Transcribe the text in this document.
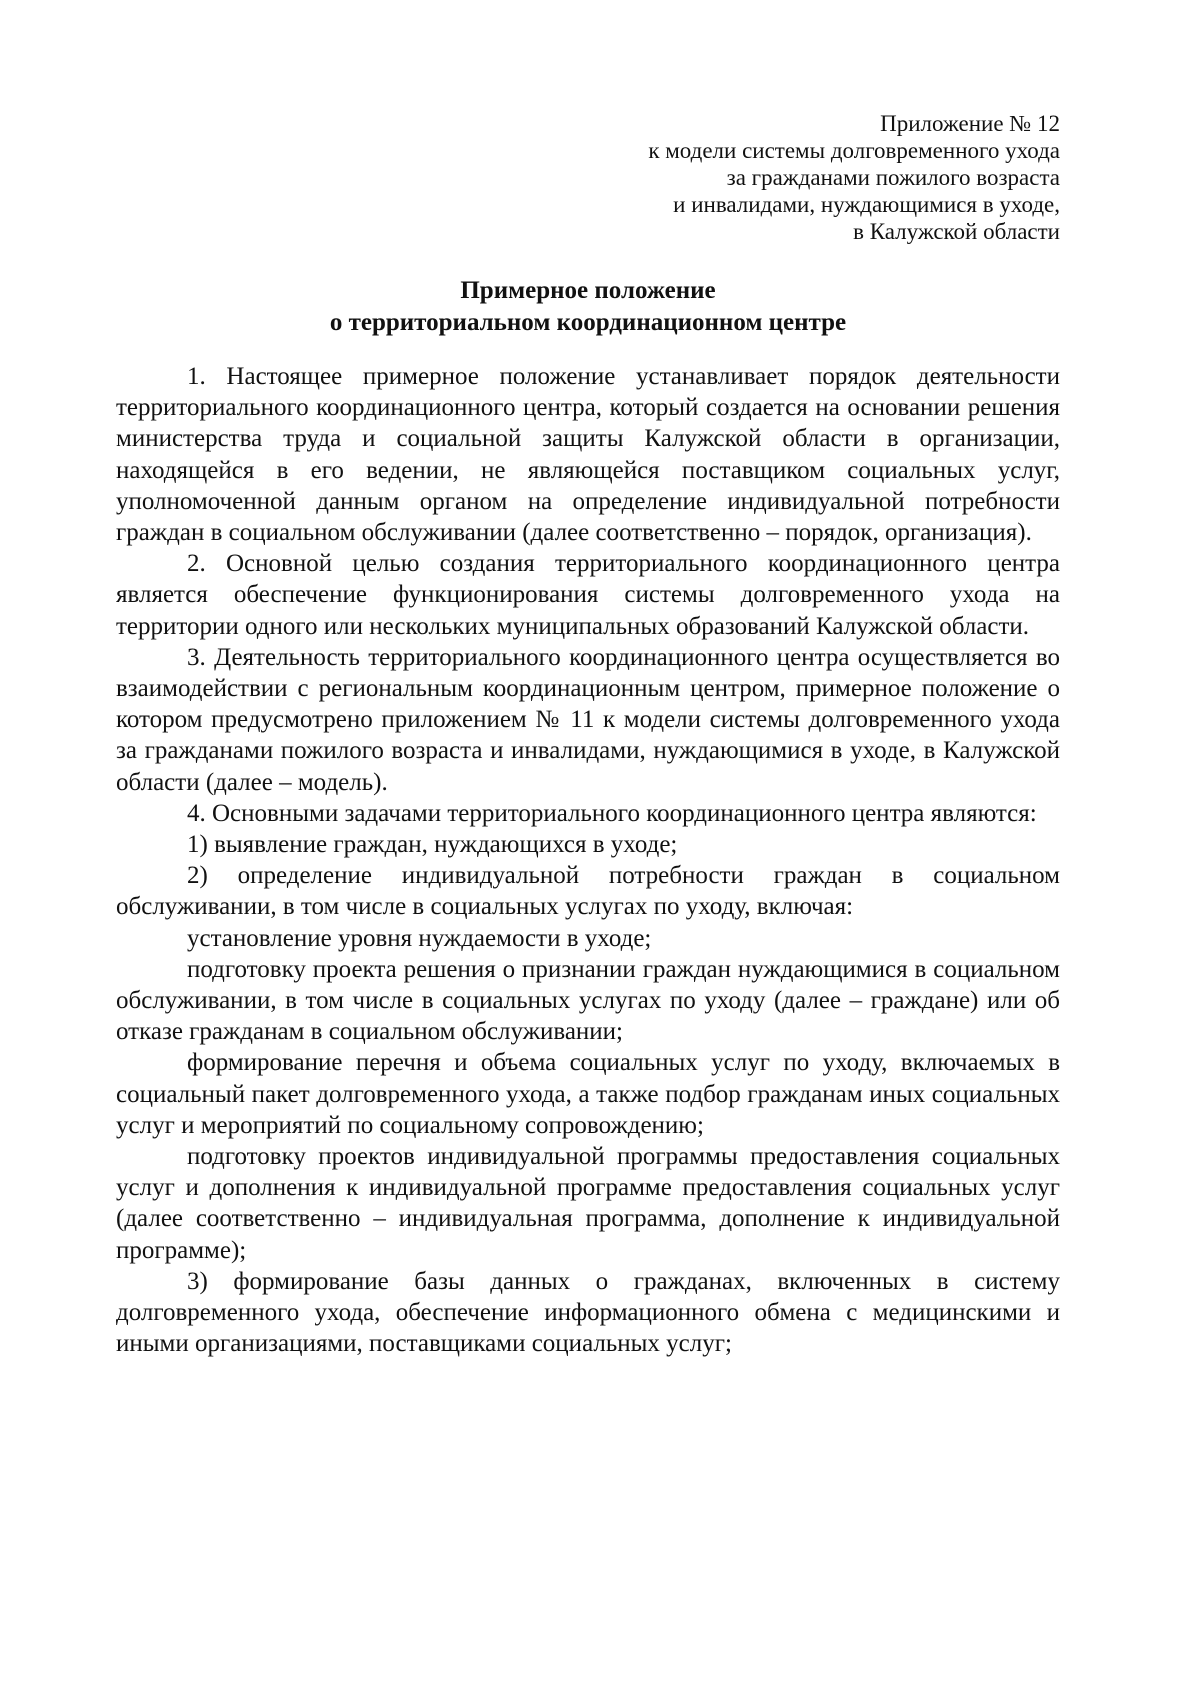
Приложение № 12
к модели системы долговременного ухода
за гражданами пожилого возраста
и инвалидами, нуждающимися в уходе,
в Калужской области
Примерное положение
о территориальном координационном центре

1. Настоящее примерное положение устанавливает порядок деятельности территориального координационного центра, который создается на основании решения министерства труда и социальной защиты Калужской области в организации, находящейся в его ведении, не являющейся поставщиком социальных услуг, уполномоченной данным органом на определение индивидуальной потребности граждан в социальном обслуживании (далее соответственно – порядок, организация).

2. Основной целью создания территориального координационного центра является обеспечение функционирования системы долговременного ухода на территории одного или нескольких муниципальных образований Калужской области.

3. Деятельность территориального координационного центра осуществляется во взаимодействии с региональным координационным центром, примерное положение о котором предусмотрено приложением № 11 к модели системы долговременного ухода за гражданами пожилого возраста и инвалидами, нуждающимися в уходе, в Калужской области (далее – модель).

4. Основными задачами территориального координационного центра являются:

1) выявление граждан, нуждающихся в уходе;

2) определение индивидуальной потребности граждан в социальном обслуживании, в том числе в социальных услугах по уходу, включая:

установление уровня нуждаемости в уходе;

подготовку проекта решения о признании граждан нуждающимися в социальном обслуживании, в том числе в социальных услугах по уходу (далее – граждане) или об отказе гражданам в социальном обслуживании;

формирование перечня и объема социальных услуг по уходу, включаемых в социальный пакет долговременного ухода, а также подбор гражданам иных социальных услуг и мероприятий по социальному сопровождению;

подготовку проектов индивидуальной программы предоставления социальных услуг и дополнения к индивидуальной программе предоставления социальных услуг (далее соответственно – индивидуальная программа, дополнение к индивидуальной программе);

3) формирование базы данных о гражданах, включенных в систему долговременного ухода, обеспечение информационного обмена с медицинскими и иными организациями, поставщиками социальных услуг;
